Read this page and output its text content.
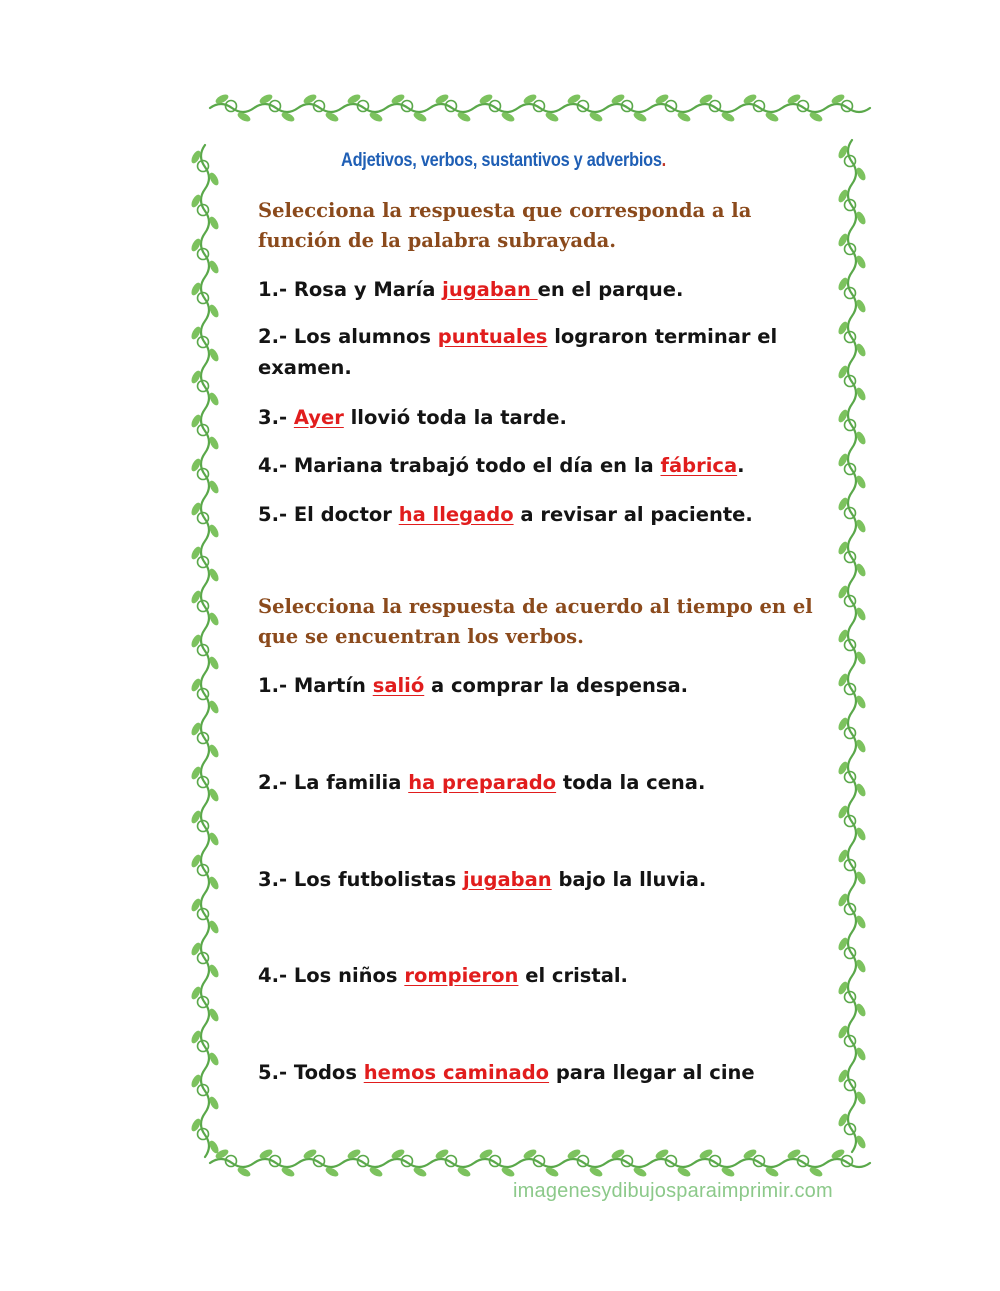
Adjetivos, verbos, sustantivos y adverbios.
Selecciona la respuesta que corresponda a la función de la palabra subrayada.
1.- Rosa y María jugaban en el parque.
2.- Los alumnos puntuales lograron terminar el examen.
3.- Ayer llovió toda la tarde.
4.- Mariana trabajó todo el día en la fábrica.
5.- El doctor ha llegado a revisar al paciente.
Selecciona la respuesta de acuerdo al tiempo en el que se encuentran los verbos.
1.- Martín salió a comprar la despensa.
2.- La familia ha preparado toda la cena.
3.- Los futbolistas jugaban bajo la lluvia.
4.- Los niños rompieron el cristal.
5.- Todos hemos caminado para llegar al cine
imagenesydibujosparaimprimir.com
